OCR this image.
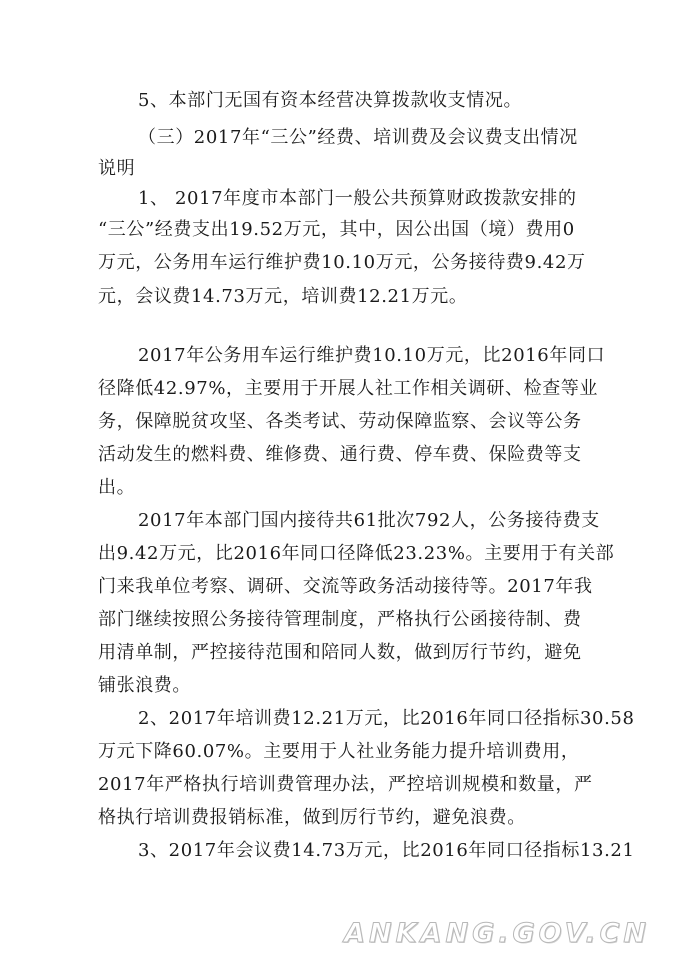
5、本部门无国有资本经营决算拨款收支情况。
（三）2017年“三公”经费、培训费及会议费支出情况
说明
1、 2017年度市本部门一般公共预算财政拨款安排的
“三公”经费支出19.52万元，其中，因公出国（境）费用0
万元，公务用车运行维护费10.10万元，公务接待费9.42万
元，会议费14.73万元，培训费12.21万元。
2017年公务用车运行维护费10.10万元，比2016年同口
径降低42.97%，主要用于开展人社工作相关调研、检查等业
务，保障脱贫攻坚、各类考试、劳动保障监察、会议等公务
活动发生的燃料费、维修费、通行费、停车费、保险费等支
出。
2017年本部门国内接待共61批次792人，公务接待费支
出9.42万元，比2016年同口径降低23.23%。主要用于有关部
门来我单位考察、调研、交流等政务活动接待等。2017年我
部门继续按照公务接待管理制度，严格执行公函接待制、费
用清单制，严控接待范围和陪同人数，做到厉行节约，避免
铺张浪费。
2、2017年培训费12.21万元，比2016年同口径指标30.58
万元下降60.07%。主要用于人社业务能力提升培训费用，
2017年严格执行培训费管理办法，严控培训规模和数量，严
格执行培训费报销标准，做到厉行节约，避免浪费。
3、2017年会议费14.73万元，比2016年同口径指标13.21
ANKANG.GOV.CN
